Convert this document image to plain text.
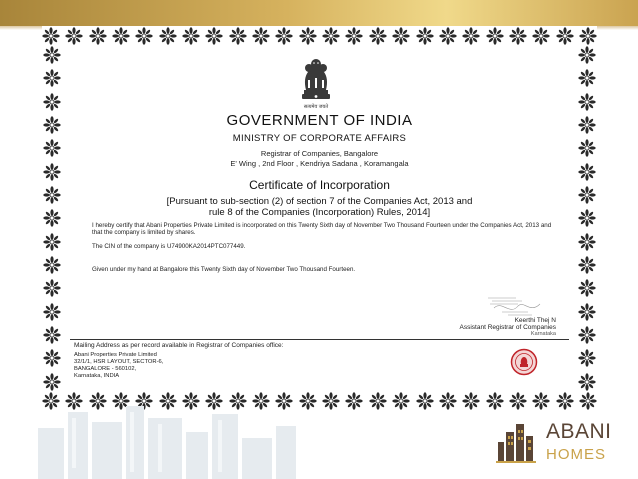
सत्यमेव जयते

GOVERNMENT OF INDIA

MINISTRY OF CORPORATE AFFAIRS

Registrar of Companies, Bangalore

E' Wing , 2nd Floor , Kendriya Sadana , Koramangala

Certificate of Incorporation

[Pursuant to sub-section (2) of section 7 of the Companies Act, 2013 and
rule 8 of the Companies (Incorporation) Rules, 2014]

I hereby certify that Abani Properties Private Limited is incorporated on this Twenty Sixth day of November Two Thousand Fourteen under the Companies Act, 2013 and that the company is limited by shares.

The CIN of the company is U74900KA2014PTC077449.

Given under my hand at Bangalore this Twenty Sixth day of November Two Thousand Fourteen.

Keerthi Thej N

Assistant Registrar of Companies

Karnataka

Mailing Address as per record available in Registrar of Companies office:

Abani Properties Private Limited

32/1/1, HSR LAYOUT, SECTOR-6,

BANGALORE - 560102,

Karnataka, INDIA

ABANI

HOMES
